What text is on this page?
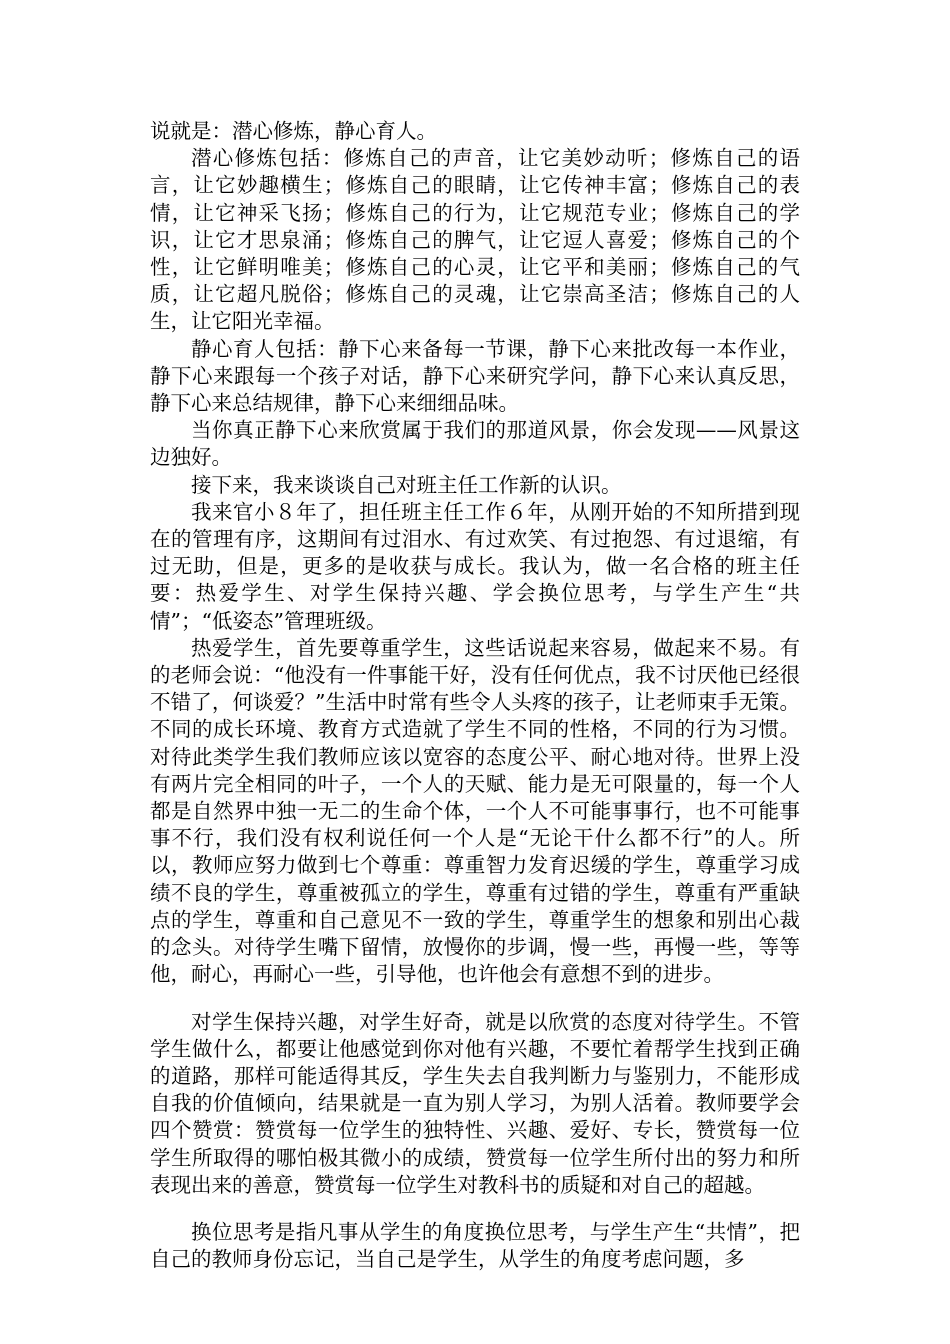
说就是：潜心修炼，静心育人。

潜心修炼包括：修炼自己的声音，让它美妙动听；修炼自己的语言，让它妙趣横生；修炼自己的眼睛，让它传神丰富；修炼自己的表情，让它神采飞扬；修炼自己的行为，让它规范专业；修炼自己的学识，让它才思泉涌；修炼自己的脾气，让它逗人喜爱；修炼自己的个性，让它鲜明唯美；修炼自己的心灵，让它平和美丽；修炼自己的气质，让它超凡脱俗；修炼自己的灵魂，让它崇高圣洁；修炼自己的人生，让它阳光幸福。

静心育人包括：静下心来备每一节课，静下心来批改每一本作业，静下心来跟每一个孩子对话，静下心来研究学问，静下心来认真反思，静下心来总结规律，静下心来细细品味。

当你真正静下心来欣赏属于我们的那道风景，你会发现——风景这边独好。

接下来，我来谈谈自己对班主任工作新的认识。

我来官小８年了，担任班主任工作６年，从刚开始的不知所措到现在的管理有序，这期间有过泪水、有过欢笑、有过抱怨、有过退缩，有过无助，但是，更多的是收获与成长。我认为，做一名合格的班主任要：热爱学生、对学生保持兴趣、学会换位思考，与学生产生“共情”；“低姿态”管理班级。

热爱学生，首先要尊重学生，这些话说起来容易，做起来不易。有的老师会说：“他没有一件事能干好，没有任何优点，我不讨厌他已经很不错了，何谈爱？”生活中时常有些令人头疼的孩子，让老师束手无策。不同的成长环境、教育方式造就了学生不同的性格，不同的行为习惯。对待此类学生我们教师应该以宽容的态度公平、耐心地对待。世界上没有两片完全相同的叶子，一个人的天赋、能力是无可限量的，每一个人都是自然界中独一无二的生命个体，一个人不可能事事行，也不可能事事不行，我们没有权利说任何一个人是“无论干什么都不行”的人。所以，教师应努力做到七个尊重：尊重智力发育迟缓的学生，尊重学习成绩不良的学生，尊重被孤立的学生，尊重有过错的学生，尊重有严重缺点的学生，尊重和自己意见不一致的学生，尊重学生的想象和别出心裁的念头。对待学生嘴下留情，放慢你的步调，慢一些，再慢一些，等等他，耐心，再耐心一些，引导他，也许他会有意想不到的进步。

对学生保持兴趣，对学生好奇，就是以欣赏的态度对待学生。不管学生做什么，都要让他感觉到你对他有兴趣，不要忙着帮学生找到正确的道路，那样可能适得其反，学生失去自我判断力与鉴别力，不能形成自我的价值倾向，结果就是一直为别人学习，为别人活着。教师要学会四个赞赏：赞赏每一位学生的独特性、兴趣、爱好、专长，赞赏每一位学生所取得的哪怕极其微小的成绩，赞赏每一位学生所付出的努力和所表现出来的善意，赞赏每一位学生对教科书的质疑和对自己的超越。

换位思考是指凡事从学生的角度换位思考，与学生产生“共情”，把自己的教师身份忘记，当自己是学生，从学生的角度考虑问题，多
